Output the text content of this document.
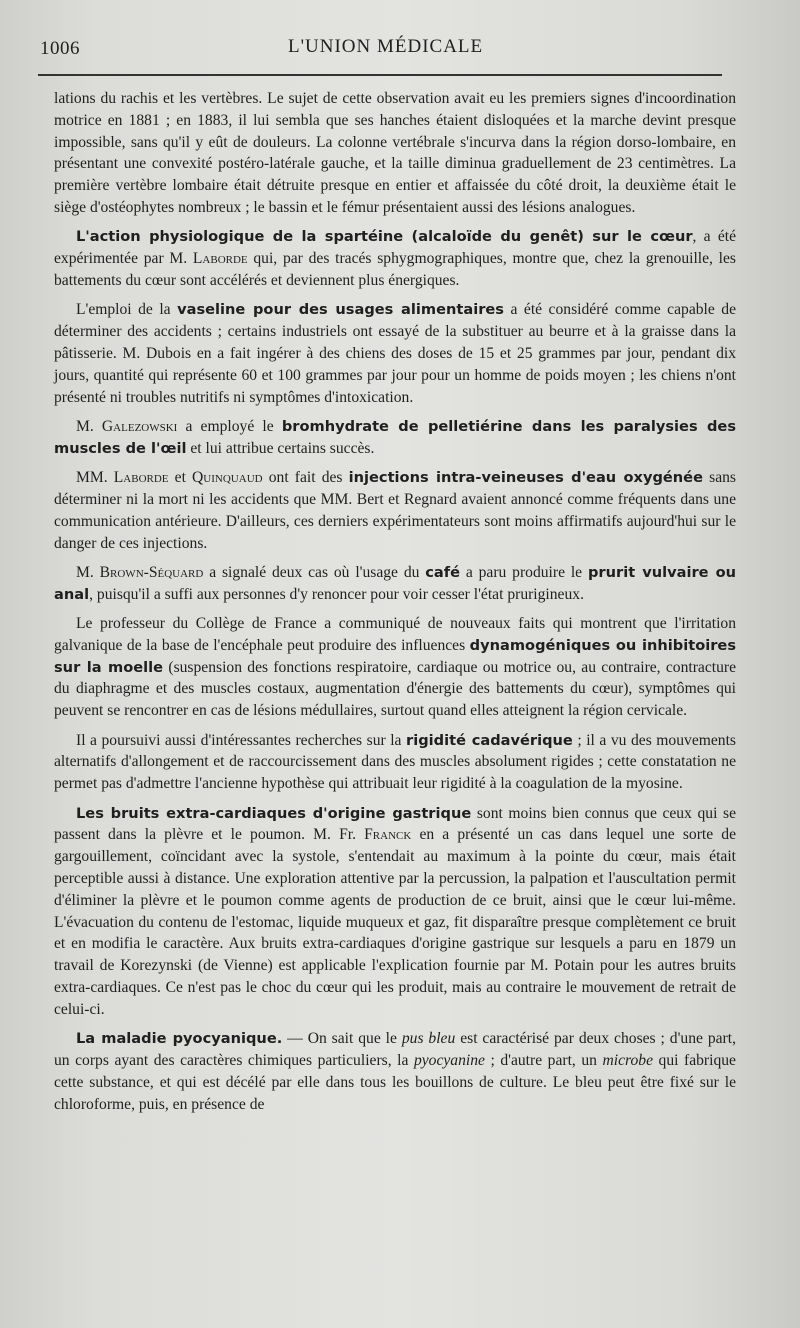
1006	L'UNION MÉDICALE

lations du rachis et les vertèbres. Le sujet de cette observation avait eu les premiers signes d'incoordination motrice en 1881 ; en 1883, il lui sembla que ses hanches étaient disloquées et la marche devint presque impossible, sans qu'il y eût de douleurs. La colonne vertébrale s'incurva dans la région dorso-lombaire, en présentant une convexité postéro-latérale gauche, et la taille diminua graduellement de 23 centimètres. La première vertèbre lombaire était détruite presque en entier et affaissée du côté droit, la deuxième était le siège d'ostéophytes nombreux ; le bassin et le fémur présentaient aussi des lésions analogues.

L'action physiologique de la spartéine (alcaloïde du genêt) sur le cœur, a été expérimentée par M. Laborde qui, par des tracés sphygmographiques, montre que, chez la grenouille, les battements du cœur sont accélérés et deviennent plus énergiques.

L'emploi de la vaseline pour des usages alimentaires a été considéré comme capable de déterminer des accidents ; certains industriels ont essayé de la substituer au beurre et à la graisse dans la pâtisserie. M. Dubois en a fait ingérer à des chiens des doses de 15 et 25 grammes par jour, pendant dix jours, quantité qui représente 60 et 100 grammes par jour pour un homme de poids moyen ; les chiens n'ont présenté ni troubles nutritifs ni symptômes d'intoxication.

M. Galezowski a employé le bromhydrate de pelletiérine dans les paralysies des muscles de l'œil et lui attribue certains succès.

MM. Laborde et Quinquaud ont fait des injections intra-veineuses d'eau oxygénée sans déterminer ni la mort ni les accidents que MM. Bert et Regnard avaient annoncé comme fréquents dans une communication antérieure. D'ailleurs, ces derniers expérimentateurs sont moins affirmatifs aujourd'hui sur le danger de ces injections.

M. Brown-Séquard a signalé deux cas où l'usage du café a paru produire le prurit vulvaire ou anal, puisqu'il a suffi aux personnes d'y renoncer pour voir cesser l'état prurigineux.

Le professeur du Collège de France a communiqué de nouveaux faits qui montrent que l'irritation galvanique de la base de l'encéphale peut produire des influences dynamogéniques ou inhibitoires sur la moelle (suspension des fonctions respiratoire, cardiaque ou motrice ou, au contraire, contracture du diaphragme et des muscles costaux, augmentation d'énergie des battements du cœur), symptômes qui peuvent se rencontrer en cas de lésions médullaires, surtout quand elles atteignent la région cervicale.

Il a poursuivi aussi d'intéressantes recherches sur la rigidité cadavérique ; il a vu des mouvements alternatifs d'allongement et de raccourcissement dans des muscles absolument rigides ; cette constatation ne permet pas d'admettre l'ancienne hypothèse qui attribuait leur rigidité à la coagulation de la myosine.

Les bruits extra-cardiaques d'origine gastrique sont moins bien connus que ceux qui se passent dans la plèvre et le poumon. M. Fr. Franck en a présenté un cas dans lequel une sorte de gargouillement, coïncidant avec la systole, s'entendait au maximum à la pointe du cœur, mais était perceptible aussi à distance. Une exploration attentive par la percussion, la palpation et l'auscultation permit d'éliminer la plèvre et le poumon comme agents de production de ce bruit, ainsi que le cœur lui-même. L'évacuation du contenu de l'estomac, liquide muqueux et gaz, fit disparaître presque complètement ce bruit et en modifia le caractère. Aux bruits extra-cardiaques d'origine gastrique sur lesquels a paru en 1879 un travail de Korezynski (de Vienne) est applicable l'explication fournie par M. Potain pour les autres bruits extra-cardiaques. Ce n'est pas le choc du cœur qui les produit, mais au contraire le mouvement de retrait de celui-ci.

La maladie pyocyanique. — On sait que le pus bleu est caractérisé par deux choses ; d'une part, un corps ayant des caractères chimiques particuliers, la pyocyanine ; d'autre part, un microbe qui fabrique cette substance, et qui est décélé par elle dans tous les bouillons de culture. Le bleu peut être fixé sur le chloroforme, puis, en présence de
